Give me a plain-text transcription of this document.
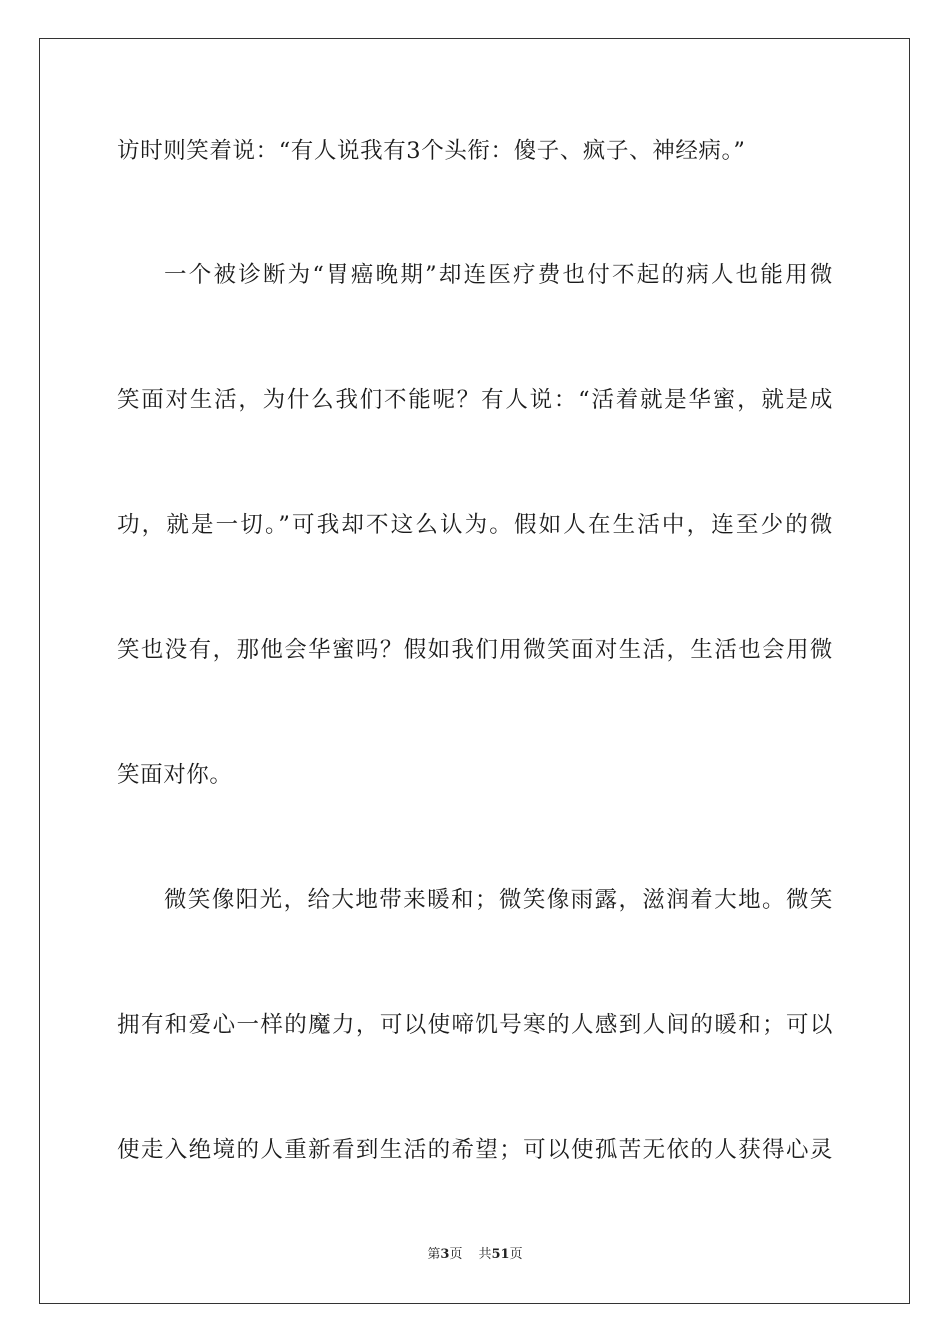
访时则笑着说：“有人说我有3个头衔：傻子、疯子、神经病。”
一个被诊断为“胃癌晚期”却连医疗费也付不起的病人也能用微
笑面对生活，为什么我们不能呢？有人说：“活着就是华蜜，就是成
功，就是一切。”可我却不这么认为。假如人在生活中，连至少的微
笑也没有，那他会华蜜吗？假如我们用微笑面对生活，生活也会用微
笑面对你。
微笑像阳光，给大地带来暖和；微笑像雨露，滋润着大地。微笑
拥有和爱心一样的魔力，可以使啼饥号寒的人感到人间的暖和；可以
使走入绝境的人重新看到生活的希望；可以使孤苦无依的人获得心灵
第3页 共51页
